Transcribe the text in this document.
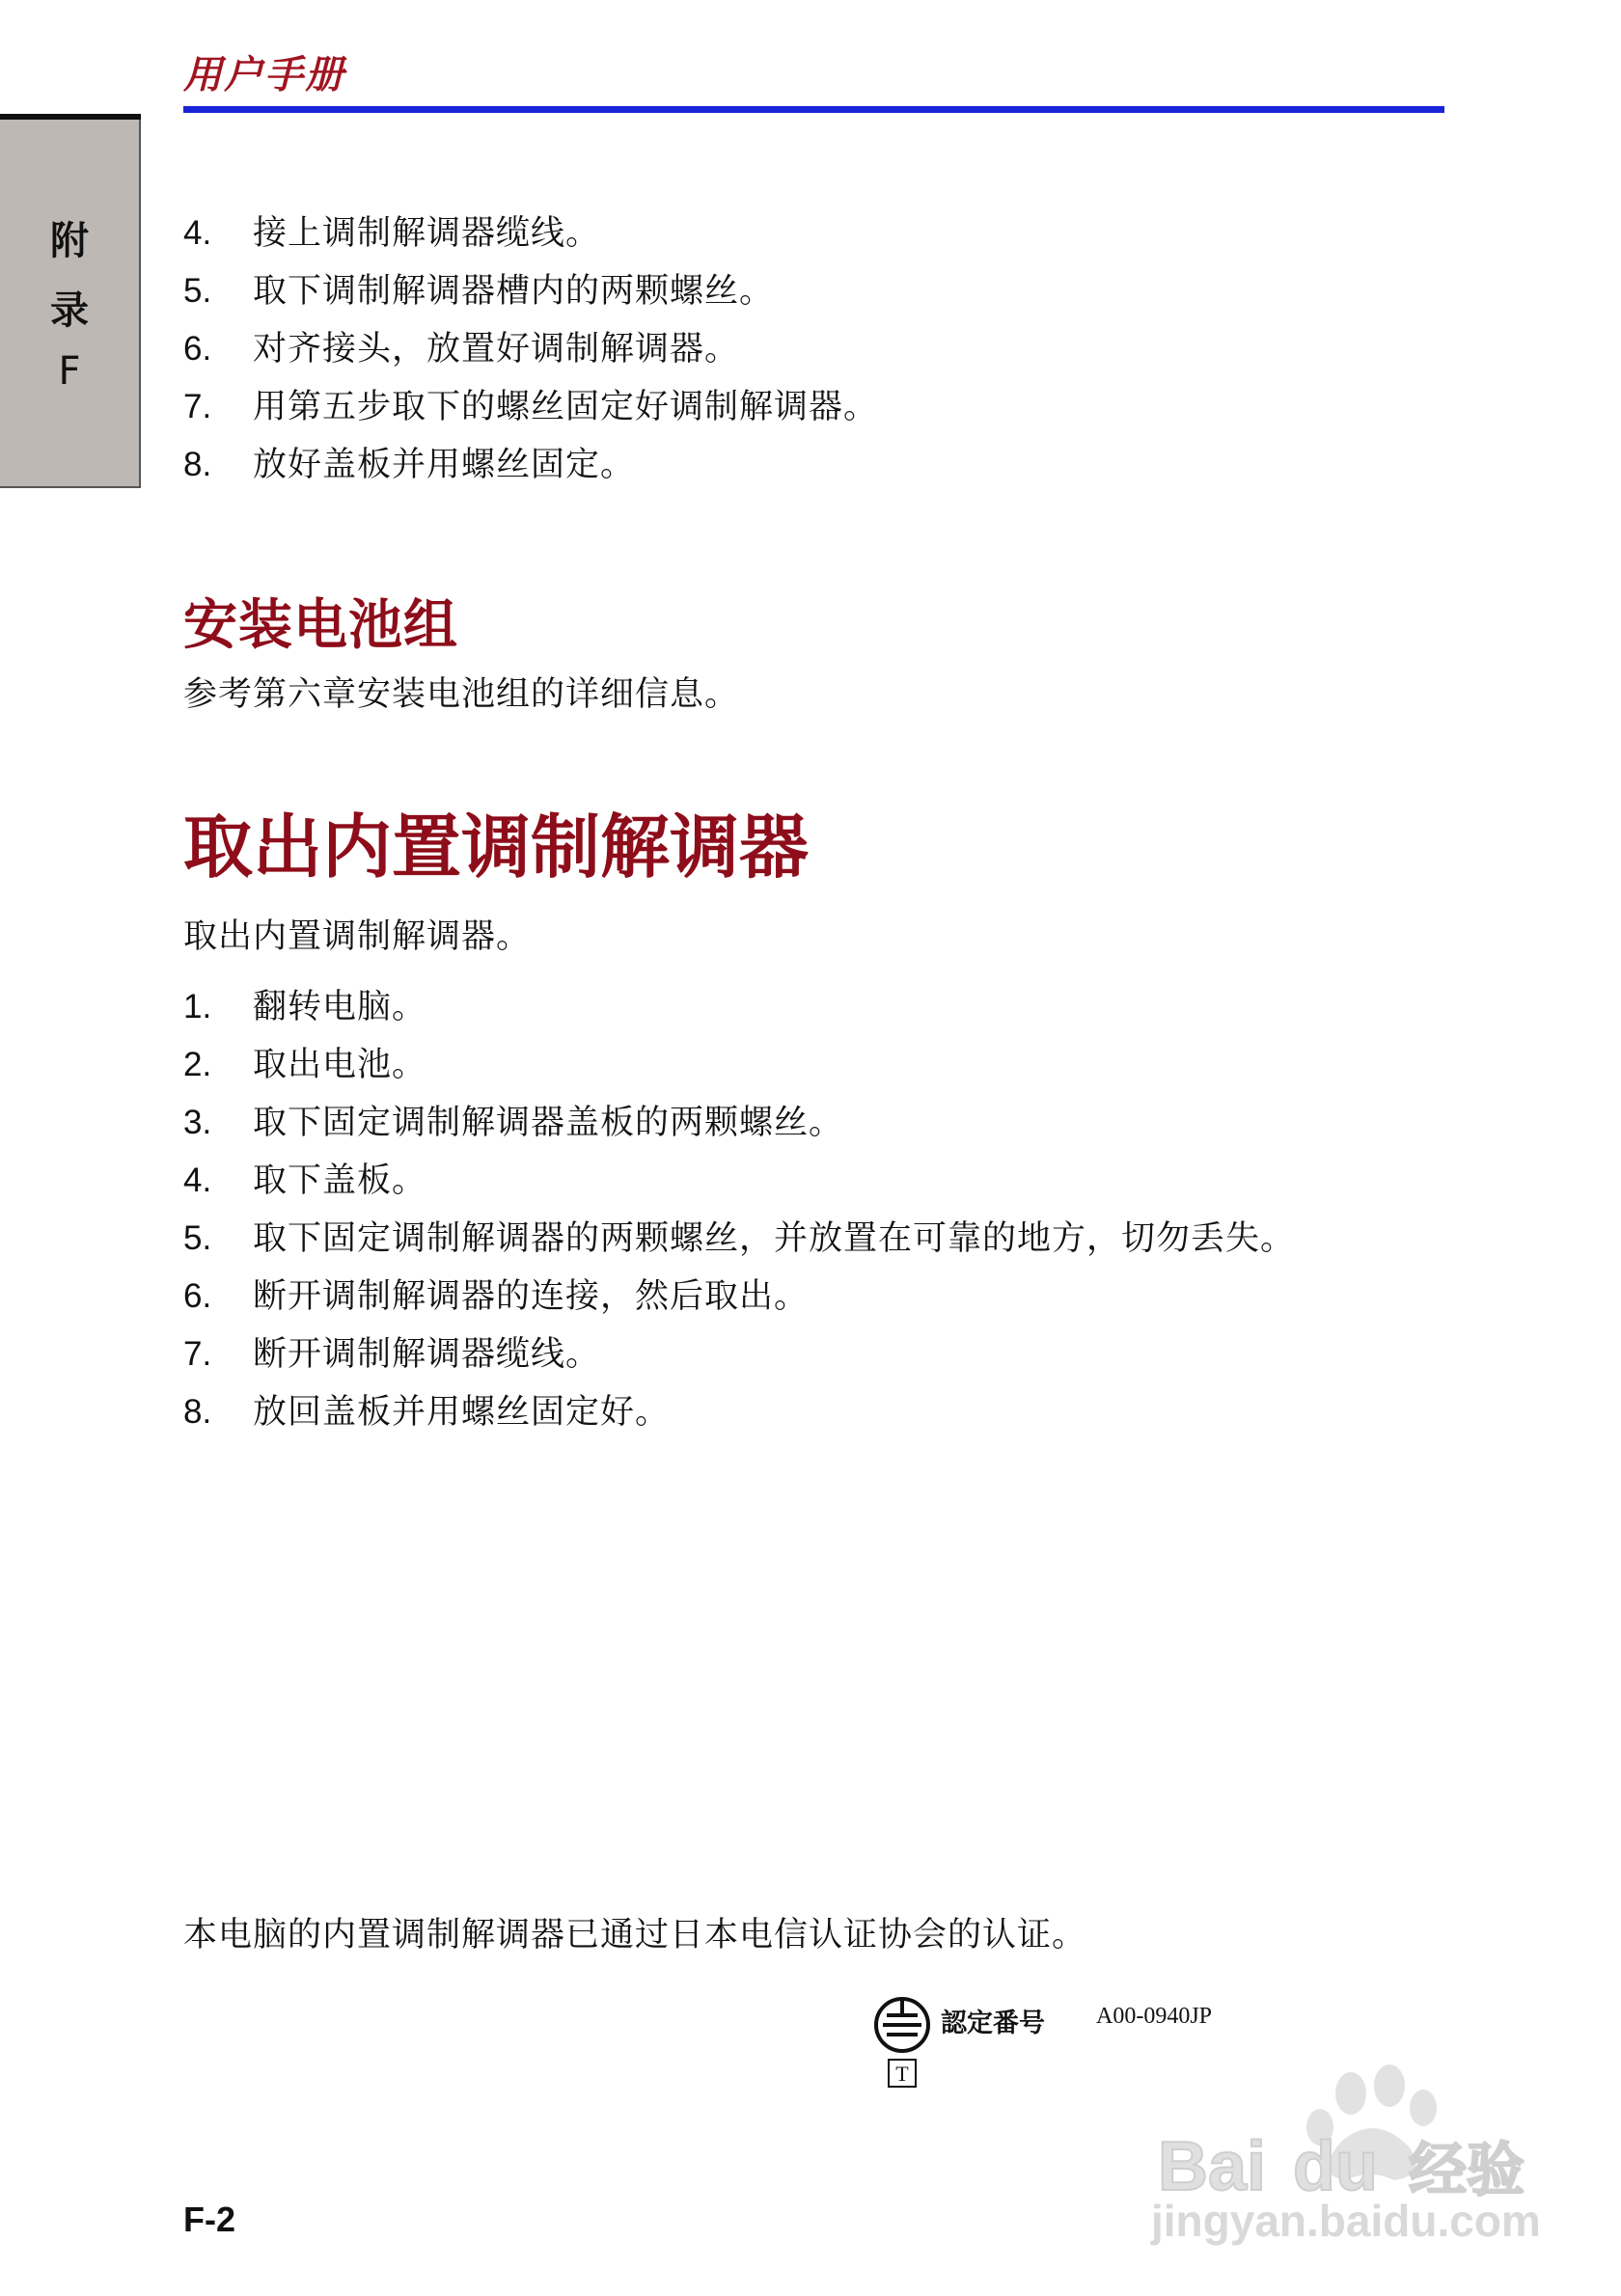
用户手册
附
录
F
4. 接上调制解调器缆线。
5. 取下调制解调器槽内的两颗螺丝。
6. 对齐接头，放置好调制解调器。
7. 用第五步取下的螺丝固定好调制解调器。
8. 放好盖板并用螺丝固定。
安装电池组
参考第六章安装电池组的详细信息。
取出内置调制解调器
取出内置调制解调器。
1. 翻转电脑。
2. 取出电池。
3. 取下固定调制解调器盖板的两颗螺丝。
4. 取下盖板。
5. 取下固定调制解调器的两颗螺丝，并放置在可靠的地方，切勿丢失。
6. 断开调制解调器的连接，然后取出。
7. 断开调制解调器缆线。
8. 放回盖板并用螺丝固定好。
本电脑的内置调制解调器已通过日本电信认证协会的认证。
T
認定番号 A00-0940JP
F-2
Bai du 经验
jingyan.baidu.com
